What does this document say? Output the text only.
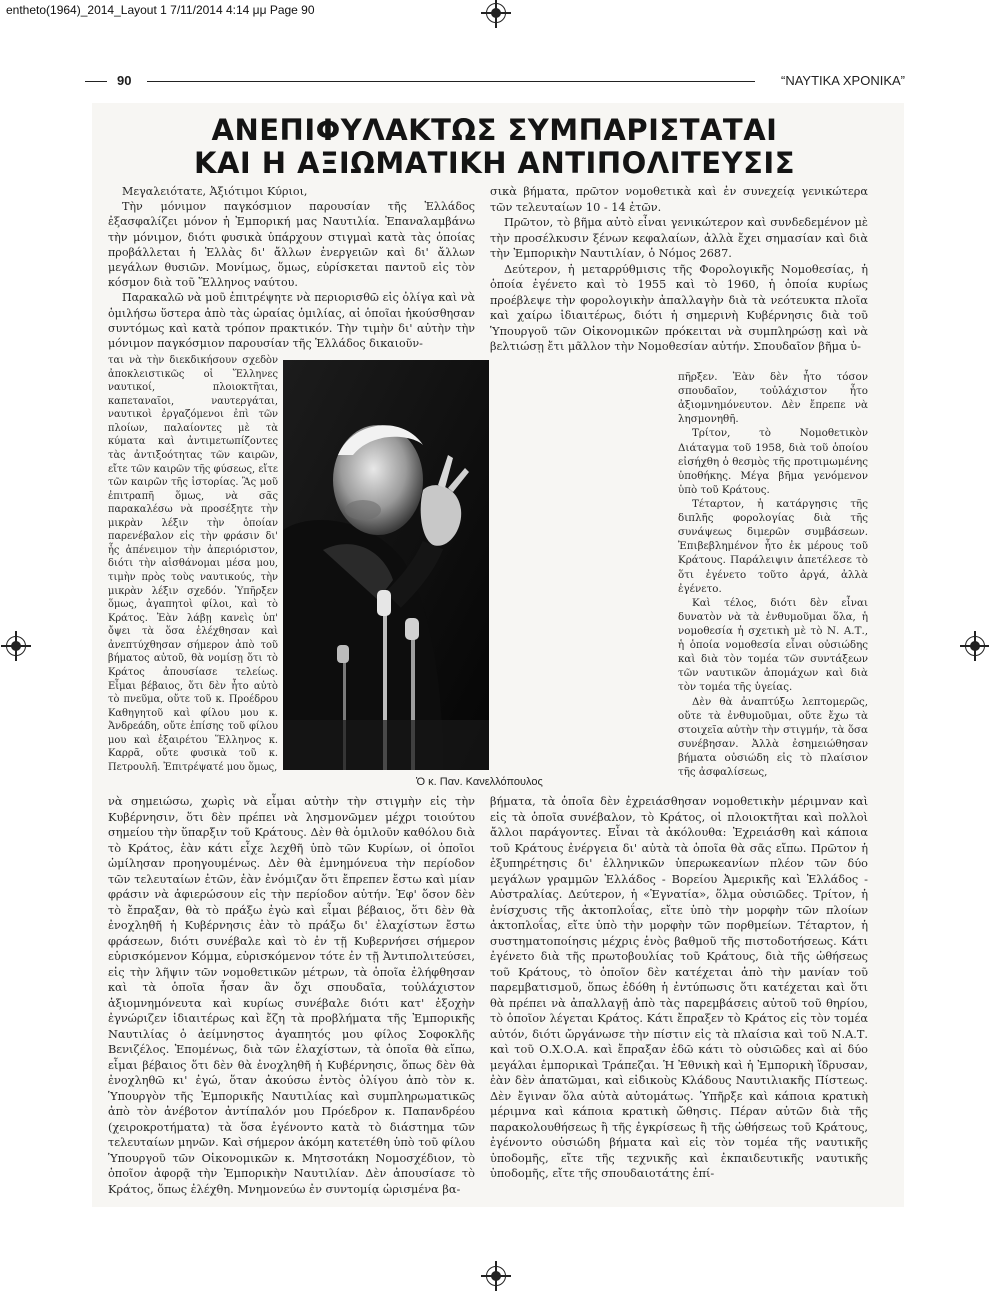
entheto(1964)_2014_Layout 1 7/11/2014 4:14 μμ Page 90
90	“ΝΑΥΤΙΚΑ ΧΡΟΝΙΚΑ”
ΑΝΕΠΙΦΥΛΑΚΤΩΣ ΣΥΜΠΑΡΙΣΤΑΤΑΙ
ΚΑΙ Η ΑΞΙΩΜΑΤΙΚΗ ΑΝΤΙΠΟΛΙΤΕΥΣΙΣ

Μεγαλειότατε, Ἀξιότιμοι Κύριοι,

Τὴν μόνιμον παγκόσμιον παρουσίαν τῆς Ἑλλάδος ἐξασφαλίζει μόνον ἡ Ἐμπορική μας Ναυτιλία. Ἐπαναλαμβάνω τὴν μόνιμον, διότι φυσικὰ ὑπάρχουν στιγμαὶ κατὰ τὰς ὁποίας προβάλλεται ἡ Ἑλλὰς δι' ἄλλων ἐνεργειῶν καὶ δι' ἄλλων μεγάλων θυσιῶν. Μονίμως, ὅμως, εὑρίσκεται παντοῦ εἰς τὸν κόσμον διὰ τοῦ Ἕλληνος ναύτου.

Παρακαλῶ νὰ μοῦ ἐπιτρέψητε νὰ περιορισθῶ εἰς ὀλίγα καὶ νὰ ὁμιλήσω ὕστερα ἀπὸ τὰς ὡραίας ὁμιλίας, αἱ ὁποῖαι ἠκούσθησαν συντόμως καὶ κατὰ τρόπον πρακτικόν. Τὴν τιμὴν δι' αὐτὴν τὴν μόνιμον παγκόσμιον παρουσίαν τῆς Ἑλλάδος δικαιοῦν-

ται νὰ τὴν διεκδικήσουν σχεδὸν ἀποκλειστικῶς οἱ Ἕλληνες ναυτικοί, πλοιοκτῆται, καπεταναῖοι, ναυτεργάται, ναυτικοὶ ἐργαζόμενοι ἐπὶ τῶν πλοίων, παλαίοντες μὲ τὰ κύματα καὶ ἀντιμετωπίζοντες τὰς ἀντιξοότητας τῶν καιρῶν, εἴτε τῶν καιρῶν τῆς φύσεως, εἴτε τῶν καιρῶν τῆς ἱστορίας. Ἂς μοῦ ἐπιτραπῆ ὅμως, νὰ σᾶς παρακαλέσω νὰ προσέξητε τὴν μικρὰν λέξιν τὴν ὁποίαν παρενέβαλον εἰς τὴν φράσιν δι' ἧς ἀπένειμον τὴν ἀπεριόριστον, διότι τὴν αἰσθάνομαι μέσα μου, τιμὴν πρὸς τοὺς ναυτικούς, τὴν μικρὰν λέξιν σχεδόν. Ὑπῆρξεν ὅμως, ἀγαπητοὶ φίλοι, καὶ τὸ Κράτος. Ἐὰν λάβῃ κανεὶς ὑπ' ὄψει τὰ ὅσα ἐλέχθησαν καὶ ἀνεπτύχθησαν σήμερον ἀπὸ τοῦ βήματος αὐτοῦ, θὰ νομίσῃ ὅτι τὸ Κράτος ἀπουσίασε τελείως. Εἶμαι βέβαιος, ὅτι δὲν ἦτο αὐτὸ τὸ πνεῦμα, οὔτε τοῦ κ. Προέδρου Καθηγητοῦ καὶ φίλου μου κ. Ἀνδρεάδη, οὔτε ἐπίσης τοῦ φίλου μου καὶ ἐξαιρέτου Ἕλληνος κ. Καρρᾶ, οὔτε φυσικὰ τοῦ κ. Πετρουλῆ. Ἐπιτρέψατέ μου ὅμως,

Ὁ κ. Παν. Κανελλόπουλος

νὰ σημειώσω, χωρὶς νὰ εἶμαι αὐτὴν τὴν στιγμὴν εἰς τὴν Κυβέρνησιν, ὅτι δὲν πρέπει νὰ λησμονῶμεν μέχρι τοιούτου σημείου τὴν ὕπαρξιν τοῦ Κράτους. Δὲν θὰ ὁμιλοῦν καθόλου διὰ τὸ Κράτος, ἐὰν κάτι εἶχε λεχθῆ ὑπὸ τῶν Κυρίων, οἱ ὁποῖοι ὡμίλησαν προηγουμένως. Δὲν θὰ ἐμνημόνευα τὴν περίοδον τῶν τελευταίων ἐτῶν, ἐὰν ἐνόμιζαν ὅτι ἔπρεπεν ἔστω καὶ μίαν φράσιν νὰ ἀφιερώσουν εἰς τὴν περίοδον αὐτήν. Ἐφ' ὅσον δὲν τὸ ἔπραξαν, θὰ τὸ πράξω ἐγὼ καὶ εἶμαι βέβαιος, ὅτι δὲν θὰ ἐνοχληθῆ ἡ Κυβέρνησις ἐὰν τὸ πράξω δι' ἐλαχίστων ἔστω φράσεων, διότι συνέβαλε καὶ τὸ ἐν τῇ Κυβερνήσει σήμερον εὑρισκόμενον Κόμμα, εὑρισκόμενον τότε ἐν τῇ Ἀντιπολιτεύσει, εἰς τὴν λῆψιν τῶν νομοθετικῶν μέτρων, τὰ ὁποῖα ἐλήφθησαν καὶ τὰ ὁποῖα ἦσαν ἂν ὄχι σπουδαῖα, τοὐλάχιστον ἀξιομνημόνευτα καὶ κυρίως συνέβαλε διότι κατ' ἐξοχὴν ἐγνώριζεν ἰδιαιτέρως καὶ ἔζη τὰ προβλήματα τῆς Ἐμπορικῆς Ναυτιλίας ὁ ἀείμνηστος ἀγαπητός μου φίλος Σοφοκλῆς Βενιζέλος. Ἑπομένως, διὰ τῶν ἐλαχίστων, τὰ ὁποῖα θὰ εἴπω, εἶμαι βέβαιος ὅτι δὲν θὰ ἐνοχληθῆ ἡ Κυβέρνησις, ὅπως δὲν θὰ ἐνοχληθῶ κι' ἐγώ, ὅταν ἀκούσω ἐντὸς ὀλίγου ἀπὸ τὸν κ. Ὑπουργὸν τῆς Ἐμπορικῆς Ναυτιλίας καὶ συμπληρωματικῶς ἀπὸ τὸν ἀνέβοτον ἀντίπαλόν μου Πρόεδρον κ. Παπανδρέου (χειροκροτήματα) τὰ ὅσα ἐγένοντο κατὰ τὸ διάστημα τῶν τελευταίων μηνῶν. Καὶ σήμερον ἀκόμη κατετέθη ὑπὸ τοῦ φίλου Ὑπουργοῦ τῶν Οἰκονομικῶν κ. Μητσοτάκη Νομοσχέδιον, τὸ ὁποῖον ἀφορᾷ τὴν Ἐμπορικὴν Ναυτιλίαν. Δὲν ἀπουσίασε τὸ Κράτος, ὅπως ἐλέχθη. Μνημονεύω ἐν συντομίᾳ ὡρισμένα βα-

σικὰ βήματα, πρῶτον νομοθετικὰ καὶ ἐν συνεχείᾳ γενικώτερα τῶν τελευταίων 10 - 14 ἐτῶν.

Πρῶτον, τὸ βῆμα αὐτὸ εἶναι γενικώτερον καὶ συνδεδεμένον μὲ τὴν προσέλκυσιν ξένων κεφαλαίων, ἀλλὰ ἔχει σημασίαν καὶ διὰ τὴν Ἐμπορικὴν Ναυτιλίαν, ὁ Νόμος 2687.

Δεύτερον, ἡ μεταρρύθμισις τῆς Φορολογικῆς Νομοθεσίας, ἡ ὁποία ἐγένετο καὶ τὸ 1955 καὶ τὸ 1960, ἡ ὁποία κυρίως προέβλεψε τὴν φορολογικὴν ἀπαλλαγὴν διὰ τὰ νεότευκτα πλοῖα καὶ χαίρω ἰδιαιτέρως, διότι ἡ σημερινὴ Κυβέρνησις διὰ τοῦ Ὑπουργοῦ τῶν Οἰκονομικῶν πρόκειται νὰ συμπληρώσῃ καὶ νὰ βελτιώσῃ ἔτι μᾶλλον τὴν Νομοθεσίαν αὐτήν. Σπουδαῖον βῆμα ὑ-

πῆρξεν. Ἐὰν δὲν ἦτο τόσον σπουδαῖον, τοὐλάχιστον ἦτο ἀξιομνημόνευτον. Δὲν ἔπρεπε νὰ λησμονηθῆ.

Τρίτον, τὸ Νομοθετικὸν Διάταγμα τοῦ 1958, διὰ τοῦ ὁποίου εἰσήχθη ὁ θεσμὸς τῆς προτιμωμένης ὑποθήκης. Μέγα βῆμα γενόμενον ὑπὸ τοῦ Κράτους.

Τέταρτον, ἡ κατάργησις τῆς διπλῆς φορολογίας διὰ τῆς συνάψεως διμερῶν συμβάσεων. Ἐπιβεβλημένον ἦτο ἐκ μέρους τοῦ Κράτους. Παράλειψιν ἀπετέλεσε τὸ ὅτι ἐγένετο τοῦτο ἀργά, ἀλλὰ ἐγένετο.

Καὶ τέλος, διότι δὲν εἶναι δυνατὸν νὰ τὰ ἐνθυμοῦμαι ὅλα, ἡ νομοθεσία ἡ σχετικὴ μὲ τὸ Ν. Α.Τ., ἡ ὁποία νομοθεσία εἶναι οὐσιώδης καὶ διὰ τὸν τομέα τῶν συντάξεων τῶν ναυτικῶν ἀπομάχων καὶ διὰ τὸν τομέα τῆς ὑγείας.

Δὲν θὰ ἀναπτύξω λεπτομερῶς, οὔτε τὰ ἐνθυμοῦμαι, οὔτε ἔχω τὰ στοιχεῖα αὐτὴν τὴν στιγμήν, τὰ ὅσα συνέβησαν. Ἀλλὰ ἐσημειώθησαν βήματα οὐσιώδη εἰς τὸ πλαίσιον τῆς ἀσφαλίσεως,

βήματα, τὰ ὁποῖα δὲν ἐχρειάσθησαν νομοθετικὴν μέριμναν καὶ εἰς τὰ ὁποῖα συνέβαλον, τὸ Κράτος, οἱ πλοιοκτῆται καὶ πολλοὶ ἄλλοι παράγοντες. Εἶναι τὰ ἀκόλουθα: Ἐχρειάσθη καὶ κάποια τοῦ Κράτους ἐνέργεια δι' αὐτὰ τὰ ὁποῖα θὰ σᾶς εἴπω. Πρῶτον ἡ ἐξυπηρέτησις δι' ἑλληνικῶν ὑπερωκεανίων πλέον τῶν δύο μεγάλων γραμμῶν Ἑλλάδος - Βορείου Ἀμερικῆς καὶ Ἑλλάδος - Αὐστραλίας. Δεύτερον, ἡ «Ἐγνατία», ὅλμα οὐσιῶδες. Τρίτον, ἡ ἐνίσχυσις τῆς ἀκτοπλοΐας, εἴτε ὑπὸ τὴν μορφὴν τῶν πλοίων ἀκτοπλοΐας, εἴτε ὑπὸ τὴν μορφὴν τῶν πορθμείων. Τέταρτον, ἡ συστηματοποίησις μέχρις ἑνὸς βαθμοῦ τῆς πιστοδοτήσεως. Κάτι ἐγένετο διὰ τῆς πρωτοβουλίας τοῦ Κράτους, διὰ τῆς ὠθήσεως τοῦ Κράτους, τὸ ὁποῖον δὲν κατέχεται ἀπὸ τὴν μανίαν τοῦ παρεμβατισμοῦ, ὅπως ἐδόθη ἡ ἐντύπωσις ὅτι κατέχεται καὶ ὅτι θὰ πρέπει νὰ ἀπαλλαγῇ ἀπὸ τὰς παρεμβάσεις αὐτοῦ τοῦ θηρίου, τὸ ὁποῖον λέγεται Κράτος. Κάτι ἔπραξεν τὸ Κράτος εἰς τὸν τομέα αὐτόν, διότι ὤργάνωσε τὴν πίστιν εἰς τὰ πλαίσια καὶ τοῦ Ν.Α.Τ. καὶ τοῦ Ο.Χ.Ο.Α. καὶ ἔπραξαν ἐδῶ κάτι τὸ οὐσιῶδες καὶ αἱ δύο μεγάλαι ἐμπορικαὶ Τράπεζαι. Ἡ Ἐθνικὴ καὶ ἡ Ἐμπορικὴ ἵδρυσαν, ἐὰν δὲν ἀπατῶμαι, καὶ εἰδικοὺς Κλάδους Ναυτιλιακῆς Πίστεως. Δὲν ἔγιναν ὅλα αὐτὰ αὐτομάτως. Ὑπῆρξε καὶ κάποια κρατικὴ μέριμνα καὶ κάποια κρατικὴ ὤθησις. Πέραν αὐτῶν διὰ τῆς παρακολουθήσεως ἢ τῆς ἐγκρίσεως ἢ τῆς ὠθήσεως τοῦ Κράτους, ἐγένοντο οὐσιώδη βήματα καὶ εἰς τὸν τομέα τῆς ναυτικῆς ὑποδομῆς, εἴτε τῆς τεχνικῆς καὶ ἐκπαιδευτικῆς ναυτικῆς ὑποδομῆς, εἴτε τῆς σπουδαιοτάτης ἐπί-
